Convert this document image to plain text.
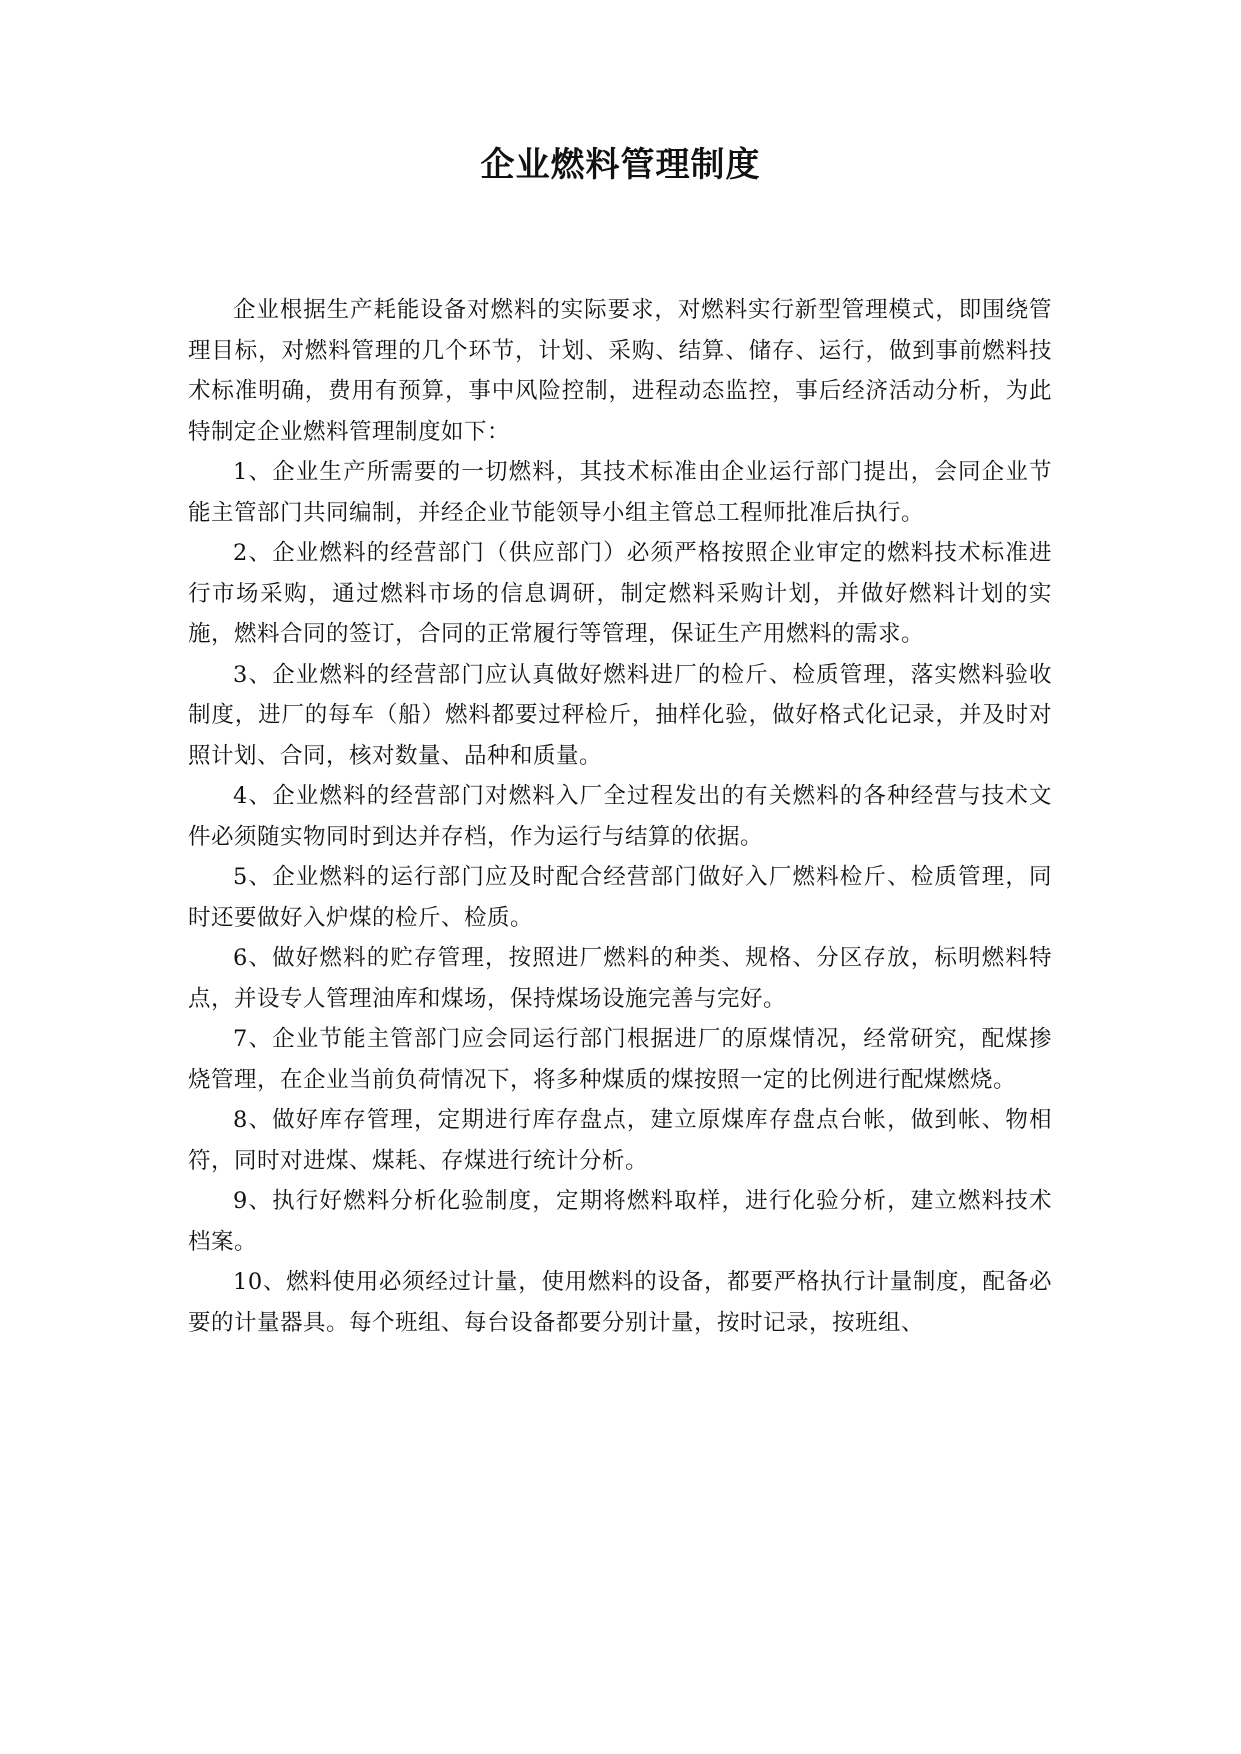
企业燃料管理制度

企业根据生产耗能设备对燃料的实际要求，对燃料实行新型管理模式，即围绕管理目标，对燃料管理的几个环节，计划、采购、结算、储存、运行，做到事前燃料技术标准明确，费用有预算，事中风险控制，进程动态监控，事后经济活动分析，为此特制定企业燃料管理制度如下：

1、企业生产所需要的一切燃料，其技术标准由企业运行部门提出，会同企业节能主管部门共同编制，并经企业节能领导小组主管总工程师批准后执行。

2、企业燃料的经营部门（供应部门）必须严格按照企业审定的燃料技术标准进行市场采购，通过燃料市场的信息调研，制定燃料采购计划，并做好燃料计划的实施，燃料合同的签订，合同的正常履行等管理，保证生产用燃料的需求。

3、企业燃料的经营部门应认真做好燃料进厂的检斤、检质管理，落实燃料验收制度，进厂的每车（船）燃料都要过秤检斤，抽样化验，做好格式化记录，并及时对照计划、合同，核对数量、品种和质量。

4、企业燃料的经营部门对燃料入厂全过程发出的有关燃料的各种经营与技术文件必须随实物同时到达并存档，作为运行与结算的依据。

5、企业燃料的运行部门应及时配合经营部门做好入厂燃料检斤、检质管理，同时还要做好入炉煤的检斤、检质。

6、做好燃料的贮存管理，按照进厂燃料的种类、规格、分区存放，标明燃料特点，并设专人管理油库和煤场，保持煤场设施完善与完好。

7、企业节能主管部门应会同运行部门根据进厂的原煤情况，经常研究，配煤掺烧管理，在企业当前负荷情况下，将多种煤质的煤按照一定的比例进行配煤燃烧。

8、做好库存管理，定期进行库存盘点，建立原煤库存盘点台帐，做到帐、物相符，同时对进煤、煤耗、存煤进行统计分析。

9、执行好燃料分析化验制度，定期将燃料取样，进行化验分析，建立燃料技术档案。

10、燃料使用必须经过计量，使用燃料的设备，都要严格执行计量制度，配备必要的计量器具。每个班组、每台设备都要分别计量，按时记录，按班组、
